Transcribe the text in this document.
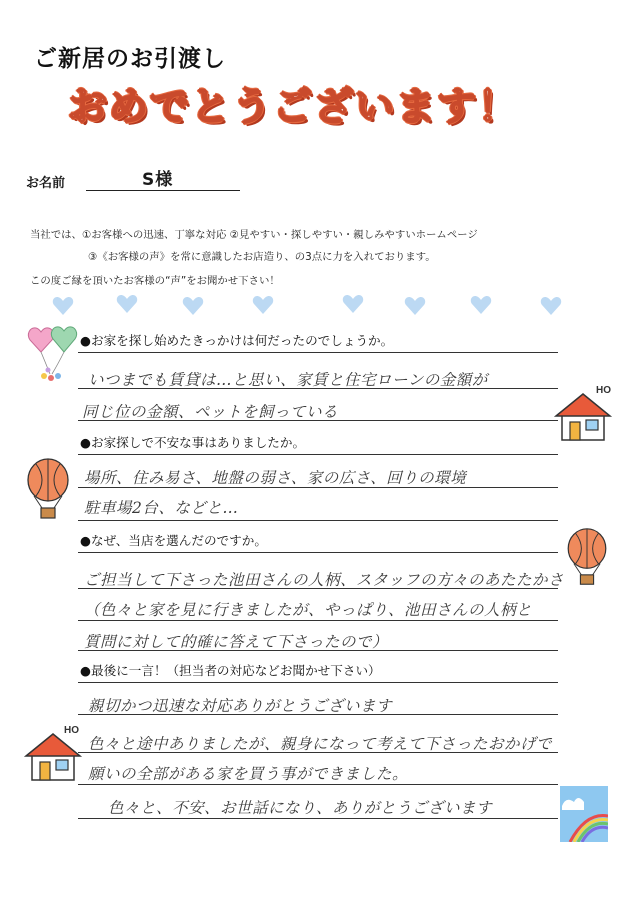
ご新居のお引渡し
おめでとうございます！
お名前	S様
当社では、①お客様への迅速、丁寧な対応 ②見やすい・探しやすい・親しみやすいホームページ
③《お客様の声》を常に意識したお店造り、の3点に力を入れております。
この度ご縁を頂いたお客様の“声”をお聞かせ下さい！
HO
HO
●お家を探し始めたきっかけは何だったのでしょうか。
いつまでも賃貸は…と思い、家賃と住宅ローンの金額が
同じ位の金額、ペットを飼っている
●お家探しで不安な事はありましたか。
場所、住み易さ、地盤の弱さ、家の広さ、回りの環境
駐車場2台、などと…
●なぜ、当店を選んだのですか。
ご担当して下さった池田さんの人柄、スタッフの方々のあたたかさ
（色々と家を見に行きましたが、やっぱり、池田さんの人柄と
質問に対して的確に答えて下さったので）
●最後に一言！（担当者の対応などお聞かせ下さい）
親切かつ迅速な対応ありがとうございます
色々と途中ありましたが、親身になって考えて下さったおかげで
願いの全部がある家を買う事ができました。
色々と、不安、お世話になり、ありがとうございます
